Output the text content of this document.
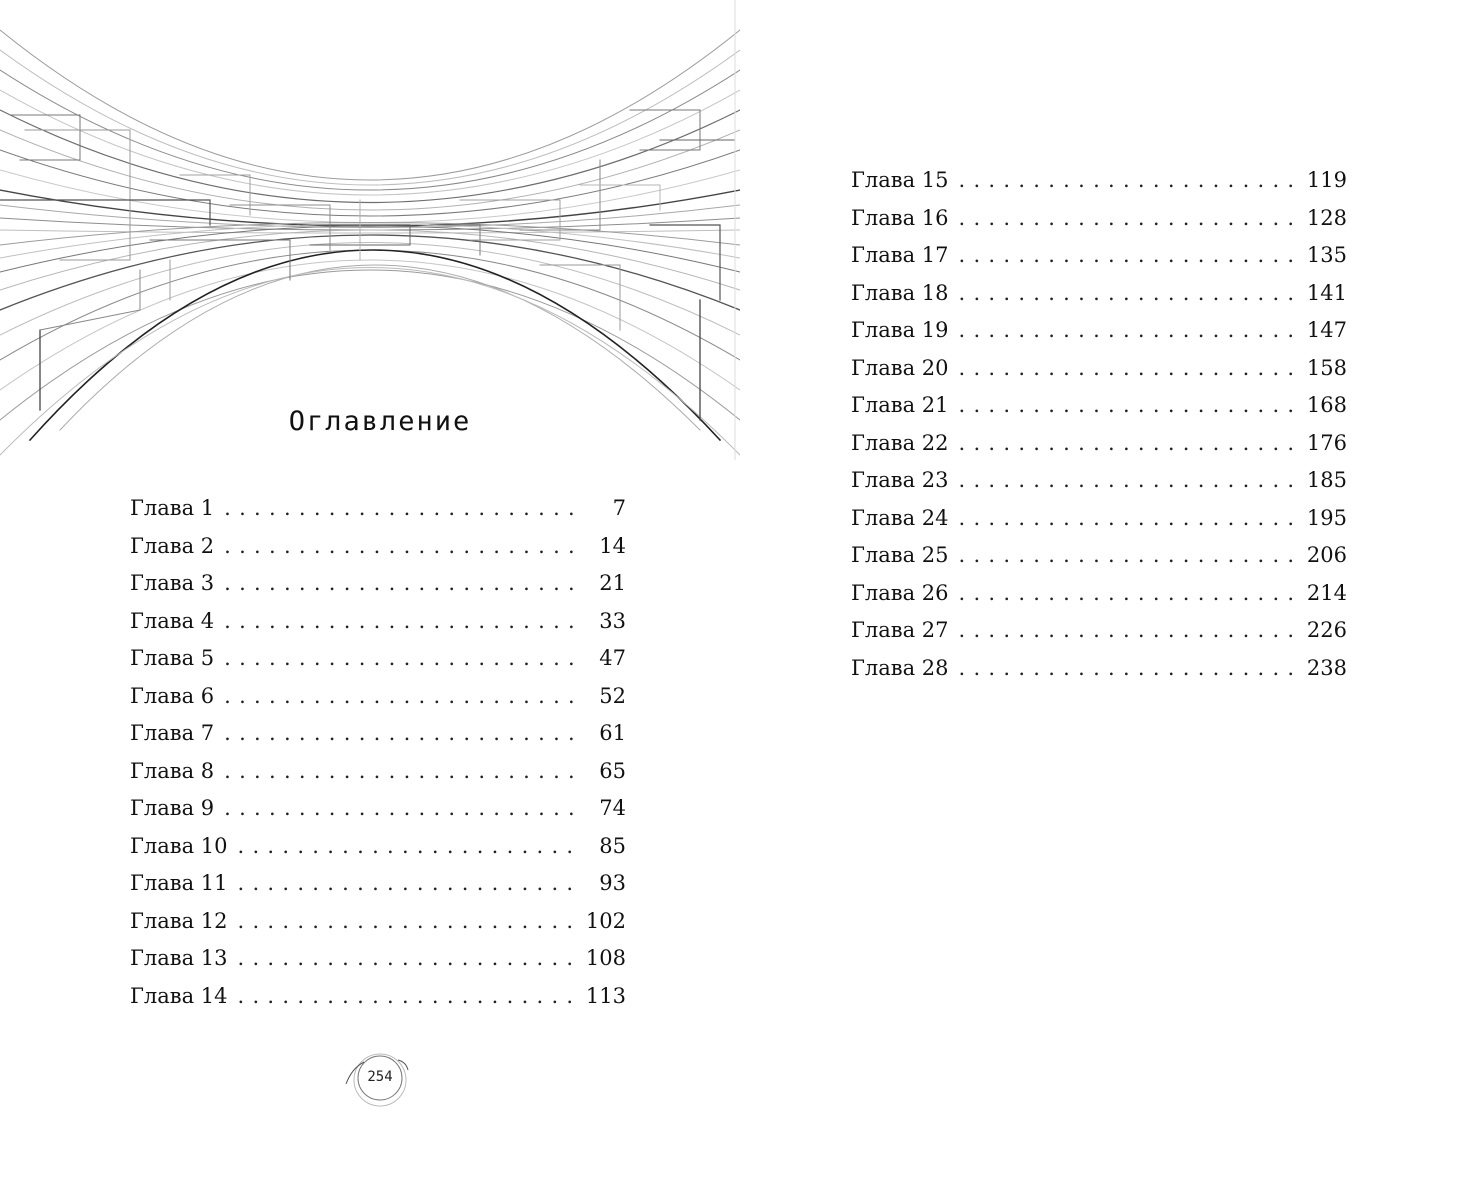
Оглавление
Глава 1 . . .	7
Глава 2 . . .	14
Глава 3 . . .	21
Глава 4 . . .	33
Глава 5 . . .	47
Глава 6 . . .	52
Глава 7 . . .	61
Глава 8 . . .	65
Глава 9 . . .	74
Глава 10 . . .	85
Глава 11 . . .	93
Глава 12 . . .	102
Глава 13 . . .	108
Глава 14 . . .	113
254
Глава 15 . . .	119
Глава 16 . . .	128
Глава 17 . . .	135
Глава 18 . . .	141
Глава 19 . . .	147
Глава 20 . . .	158
Глава 21 . . .	168
Глава 22 . . .	176
Глава 23 . . .	185
Глава 24 . . .	195
Глава 25 . . .	206
Глава 26 . . .	214
Глава 27 . . .	226
Глава 28 . . .	238
